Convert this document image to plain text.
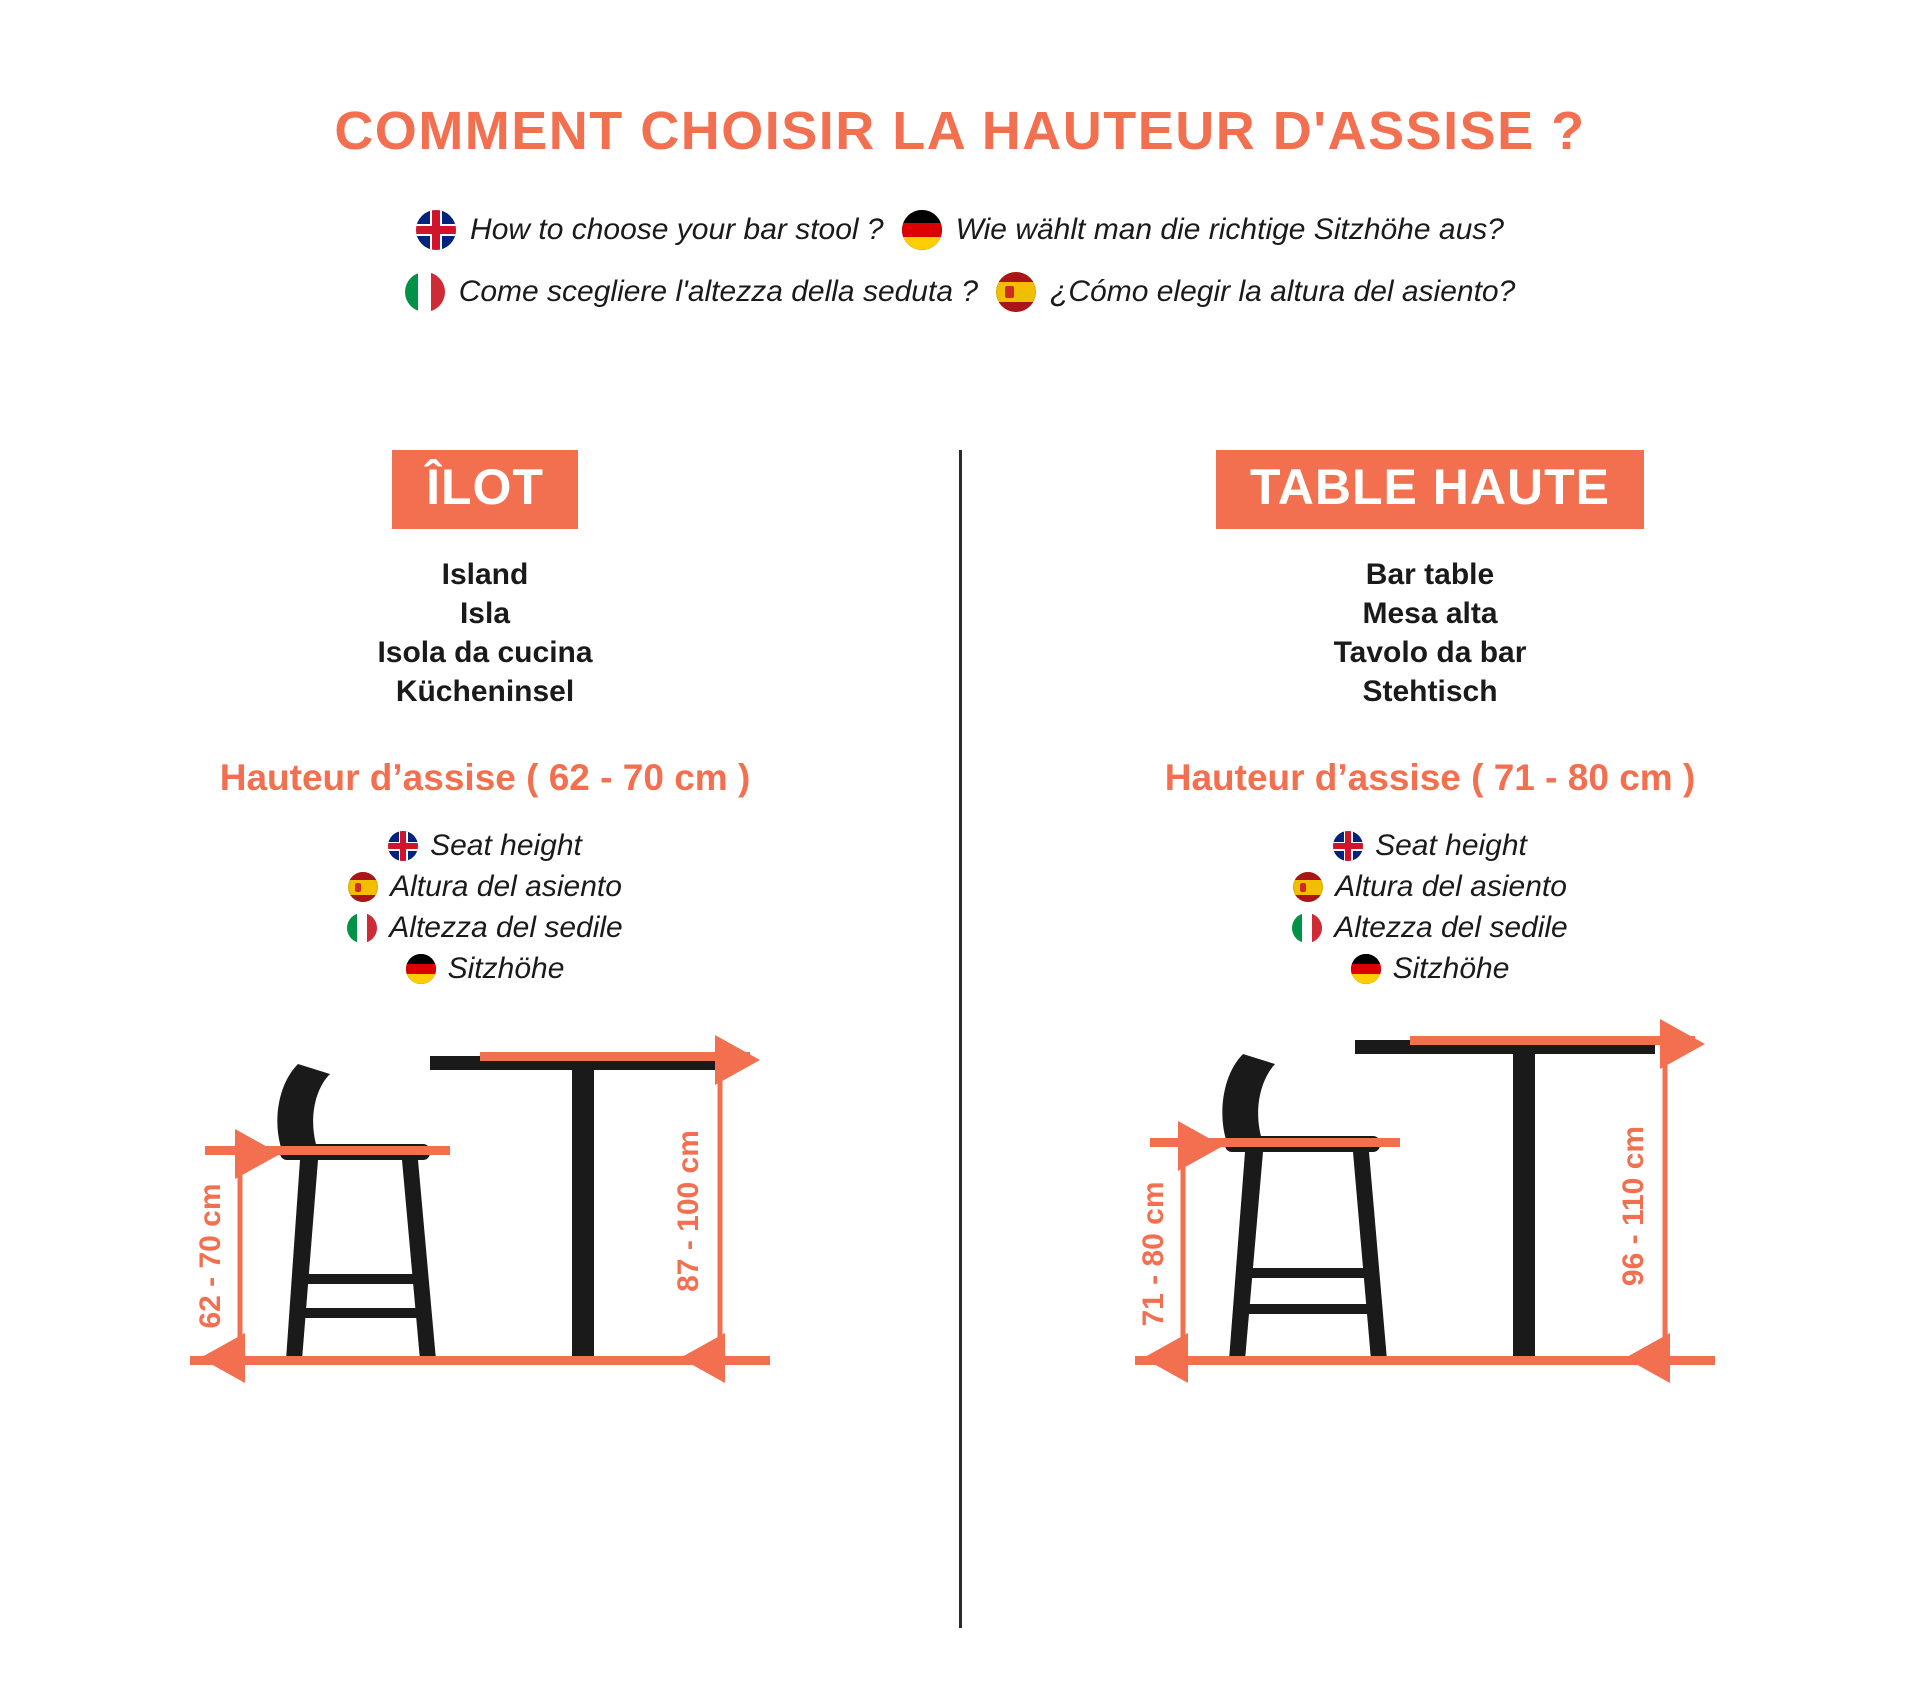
COMMENT CHOISIR LA HAUTEUR D'ASSISE ?
How to choose your bar stool ? Wie wählt man die richtige Sitzhöhe aus?
Come scegliere l'altezza della seduta ? ¿Cómo elegir la altura del asiento?
ÎLOT
Island
Isla
Isola da cucina
Kücheninsel
Hauteur d’assise ( 62 - 70 cm )
Seat height
Altura del asiento
Altezza del sedile
Sitzhöhe
62 - 70 cm	87 - 100 cm
TABLE HAUTE
Bar table
Mesa alta
Tavolo da bar
Stehtisch
Hauteur d’assise ( 71 - 80 cm )
Seat height
Altura del asiento
Altezza del sedile
Sitzhöhe
71 - 80 cm	96 - 110 cm
